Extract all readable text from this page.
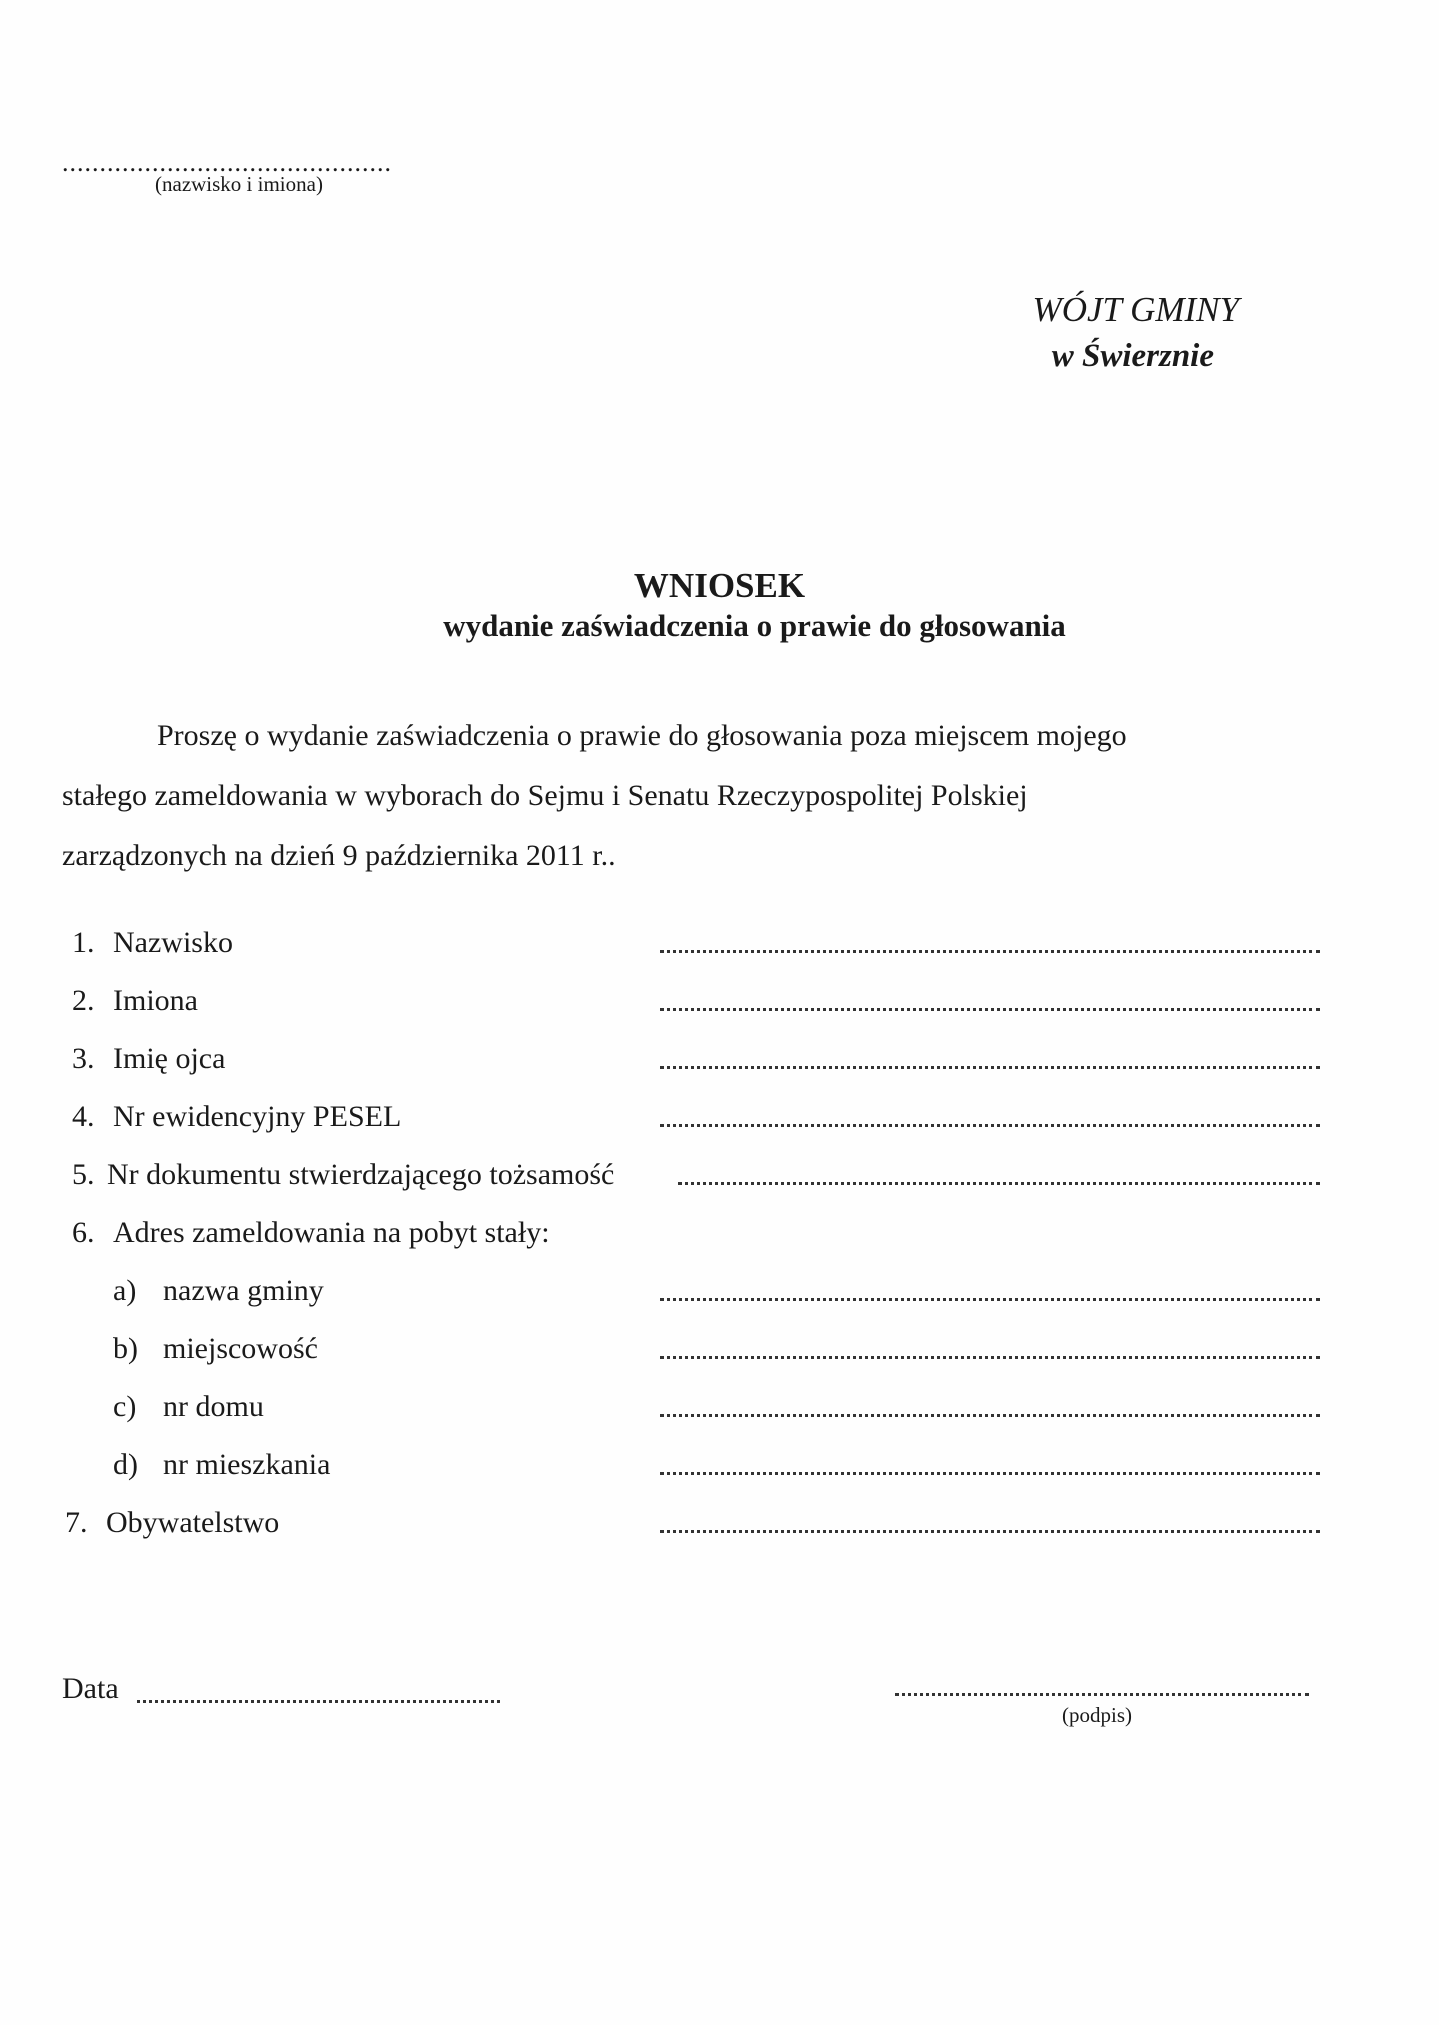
............................................
(nazwisko i imiona)
WÓJT GMINY
w Świerznie
WNIOSEK
wydanie zaświadczenia o prawie do głosowania
Proszę o wydanie zaświadczenia o prawie do głosowania poza miejscem mojego
stałego zameldowania w wyborach do Sejmu i Senatu Rzeczypospolitej Polskiej
zarządzonych na dzień 9 października 2011 r..
1. Nazwisko
2. Imiona
3. Imię ojca
4. Nr ewidencyjny PESEL
5. Nr dokumentu stwierdzającego tożsamość
6. Adres zameldowania na pobyt stały:
a) nazwa gminy
b) miejscowość
c) nr domu
d) nr mieszkania
7. Obywatelstwo
Data
(podpis)
